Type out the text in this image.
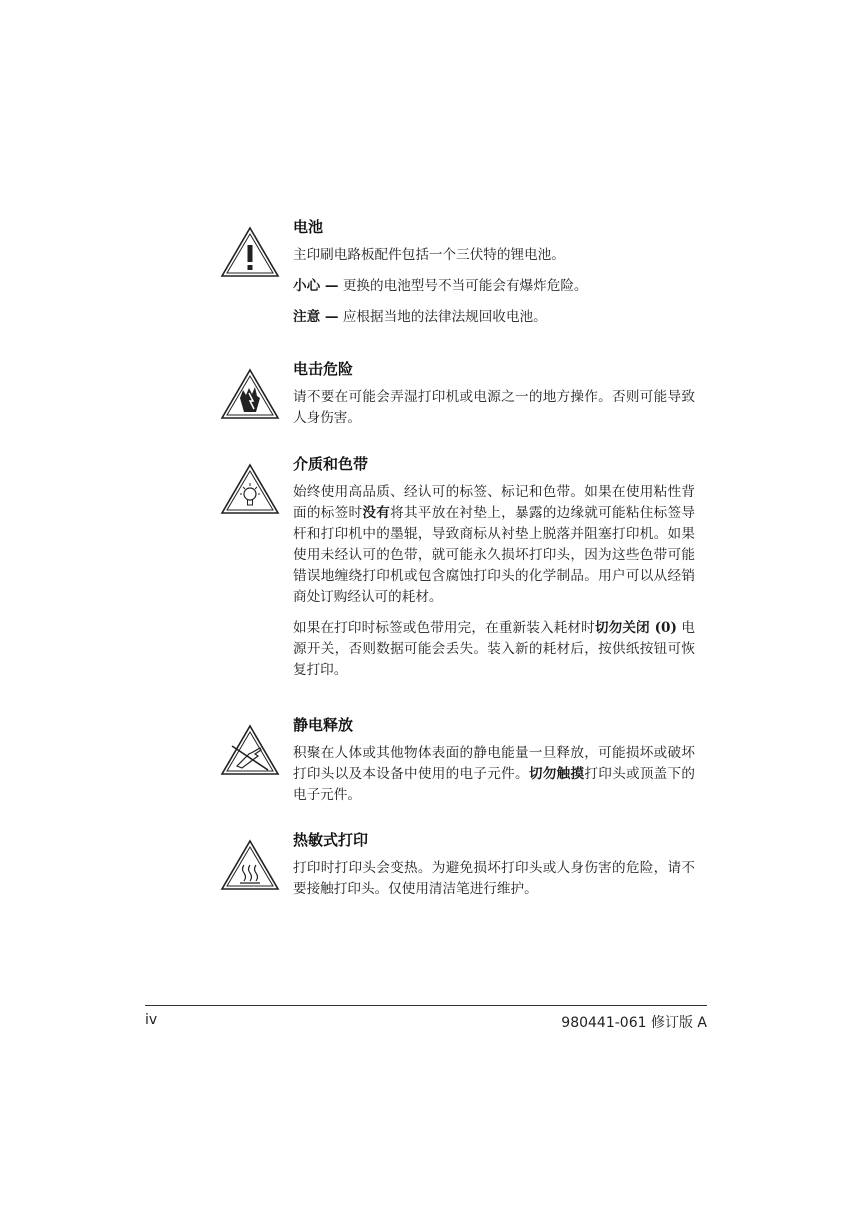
电池

主印刷电路板配件包括一个三伏特的锂电池。

小心 — 更换的电池型号不当可能会有爆炸危险。

注意 — 应根据当地的法律法规回收电池。

电击危险

请不要在可能会弄湿打印机或电源之一的地方操作。否则可能导致人身伤害。

介质和色带

始终使用高品质、经认可的标签、标记和色带。如果在使用粘性背面的标签时没有将其平放在衬垫上，暴露的边缘就可能粘住标签导杆和打印机中的墨辊，导致商标从衬垫上脱落并阻塞打印机。如果使用未经认可的色带，就可能永久损坏打印头，因为这些色带可能错误地缠绕打印机或包含腐蚀打印头的化学制品。用户可以从经销商处订购经认可的耗材。

如果在打印时标签或色带用完，在重新装入耗材时切勿关闭 (0) 电源开关，否则数据可能会丢失。装入新的耗材后，按供纸按钮可恢复打印。

静电释放

积聚在人体或其他物体表面的静电能量一旦释放，可能损坏或破坏打印头以及本设备中使用的电子元件。切勿触摸打印头或顶盖下的电子元件。

热敏式打印

打印时打印头会变热。为避免损坏打印头或人身伤害的危险，请不要接触打印头。仅使用清洁笔进行维护。

iv	980441-061 修订版 A
